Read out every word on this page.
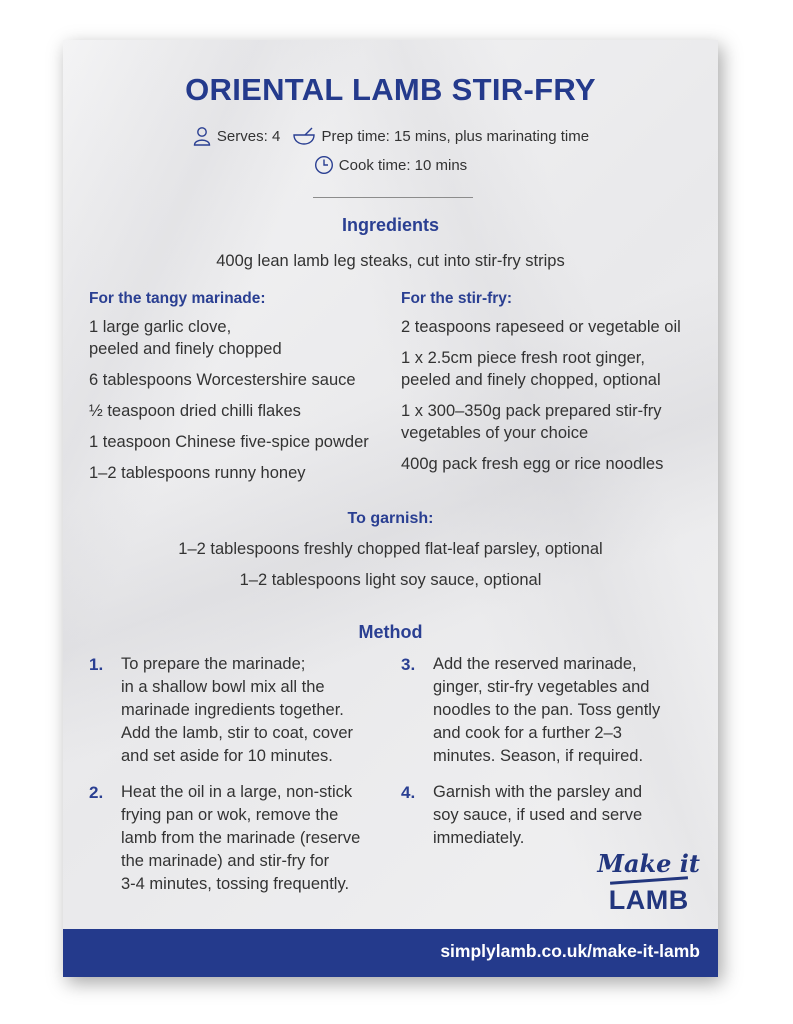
ORIENTAL LAMB STIR-FRY
Serves: 4
	Prep time: 15 mins, plus marinating time
Cook time: 10 mins
Ingredients
400g lean lamb leg steaks, cut into stir-fry strips
For the tangy marinade:

1 large garlic clove,
peeled and finely chopped

6 tablespoons Worcestershire sauce

½ teaspoon dried chilli flakes

1 teaspoon Chinese five-spice powder

1–2 tablespoons runny honey

For the stir-fry:

2 teaspoons rapeseed or vegetable oil

1 x 2.5cm piece fresh root ginger,
peeled and finely chopped, optional

1 x 300–350g pack prepared stir-fry
vegetables of your choice

400g pack fresh egg or rice noodles

To garnish:
1–2 tablespoons freshly chopped flat-leaf parsley, optional
1–2 tablespoons light soy sauce, optional
Method
1.	To prepare the marinade;
in a shallow bowl mix all the
marinade ingredients together.
Add the lamb, stir to coat, cover
and set aside for 10 minutes.
2.	Heat the oil in a large, non-stick
frying pan or wok, remove the
lamb from the marinade (reserve
the marinade) and stir-fry for
3-4 minutes, tossing frequently.
3.	Add the reserved marinade,
ginger, stir-fry vegetables and
noodles to the pan. Toss gently
and cook for a further 2–3
minutes. Season, if required.
4.	Garnish with the parsley and
soy sauce, if used and serve
immediately.
Make it
LAMB
simplylamb.co.uk/make-it-lamb
